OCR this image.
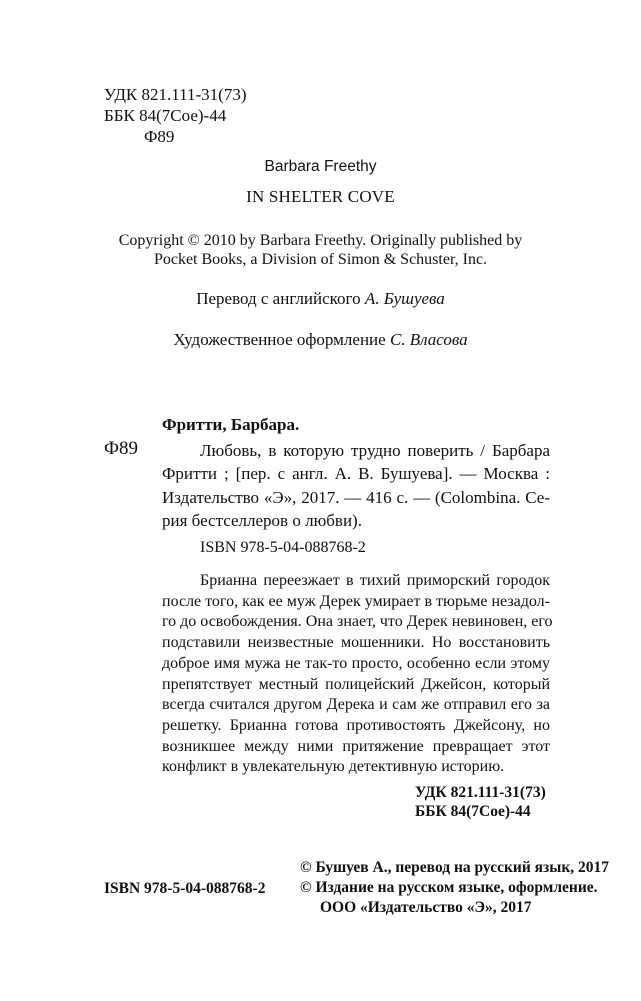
УДК 821.111-31(73)
ББК 84(7Сое)-44
Ф89
Barbara Freethy
IN SHELTER COVE
Copyright © 2010 by Barbara Freethy. Originally published by
Pocket Books, a Division of Simon & Schuster, Inc.
Перевод с английского А. Бушуева
Художественное оформление С. Власова
Фритти, Барбара.
Ф89	Любовь, в которую трудно поверить / Барбара
Фритти ; [пер. с англ. А. В. Бушуева]. — Москва :
Издательство «Э», 2017. — 416 с. — (Colombina. Се-
рия бестселлеров о любви).
ISBN 978-5-04-088768-2
Брианна переезжает в тихий приморский городок
после того, как ее муж Дерек умирает в тюрьме незадол-
го до освобождения. Она знает, что Дерек невиновен, его
подставили неизвестные мошенники. Но восстановить
доброе имя мужа не так-то просто, особенно если этому
препятствует местный полицейский Джейсон, который
всегда считался другом Дерека и сам же отправил его за
решетку. Брианна готова противостоять Джейсону, но
возникшее между ними притяжение превращает этот
конфликт в увлекательную детективную историю.
УДК 821.111-31(73)
ББК 84(7Сое)-44
ISBN 978-5-04-088768-2
© Бушуев А., перевод на русский язык, 2017
© Издание на русском языке, оформление.
ООО «Издательство «Э», 2017
